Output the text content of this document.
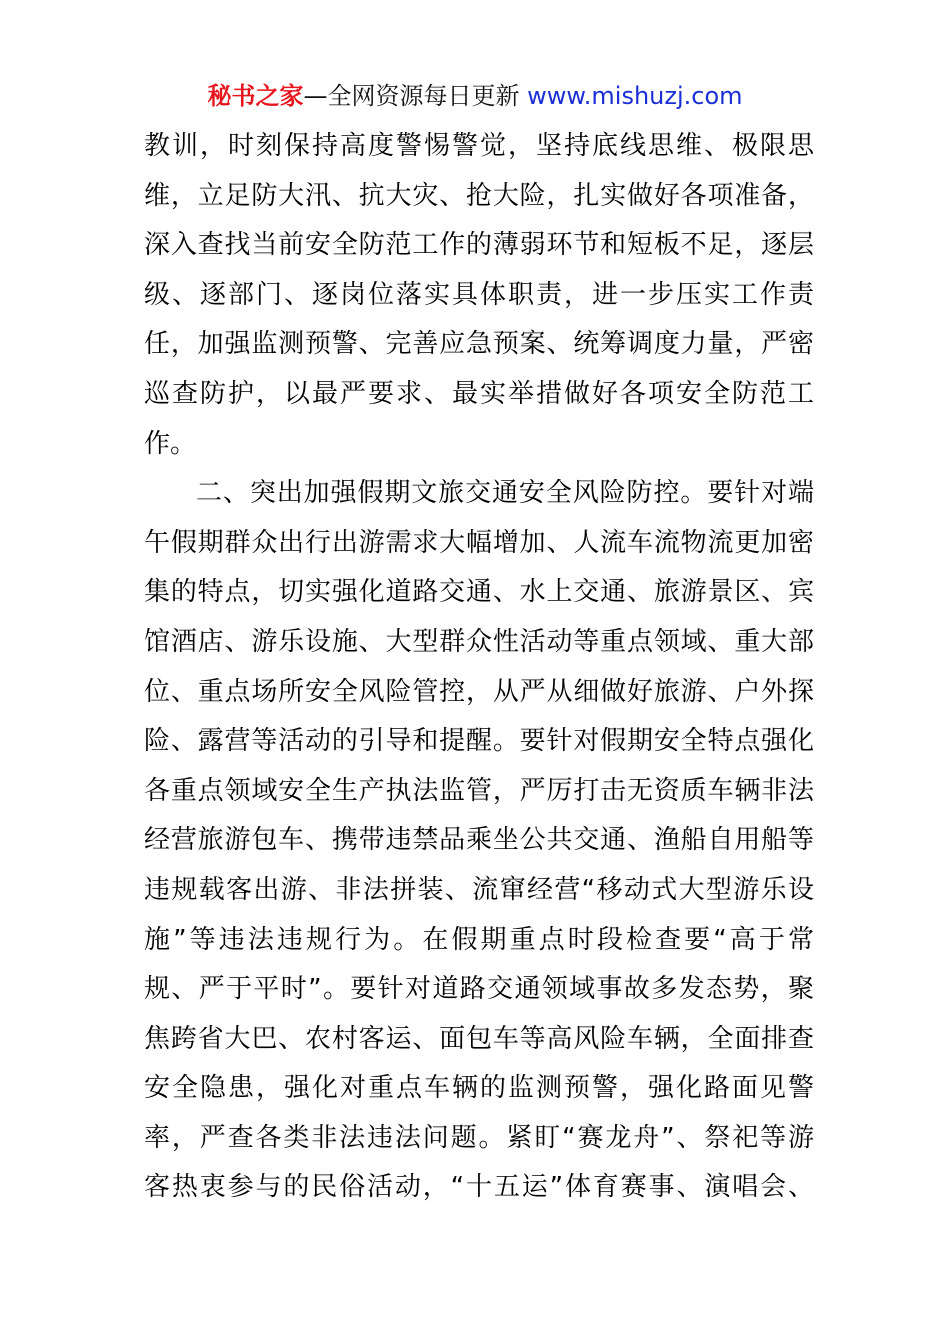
秘书之家—全网资源每日更新 www.mishuzj.com
教训，时刻保持高度警惕警觉，坚持底线思维、极限思
维，立足防大汛、抗大灾、抢大险，扎实做好各项准备，
深入查找当前安全防范工作的薄弱环节和短板不足，逐层
级、逐部门、逐岗位落实具体职责，进一步压实工作责
任，加强监测预警、完善应急预案、统筹调度力量，严密
巡查防护，以最严要求、最实举措做好各项安全防范工
作。
二、突出加强假期文旅交通安全风险防控。要针对端
午假期群众出行出游需求大幅增加、人流车流物流更加密
集的特点，切实强化道路交通、水上交通、旅游景区、宾
馆酒店、游乐设施、大型群众性活动等重点领域、重大部
位、重点场所安全风险管控，从严从细做好旅游、户外探
险、露营等活动的引导和提醒。要针对假期安全特点强化
各重点领域安全生产执法监管，严厉打击无资质车辆非法
经营旅游包车、携带违禁品乘坐公共交通、渔船自用船等
违规载客出游、非法拼装、流窜经营“移动式大型游乐设
施”等违法违规行为。在假期重点时段检查要“高于常
规、严于平时”。要针对道路交通领域事故多发态势，聚
焦跨省大巴、农村客运、面包车等高风险车辆，全面排查
安全隐患，强化对重点车辆的监测预警，强化路面见警
率，严查各类非法违法问题。紧盯“赛龙舟”、祭祀等游
客热衷参与的民俗活动，“十五运”体育赛事、演唱会、
